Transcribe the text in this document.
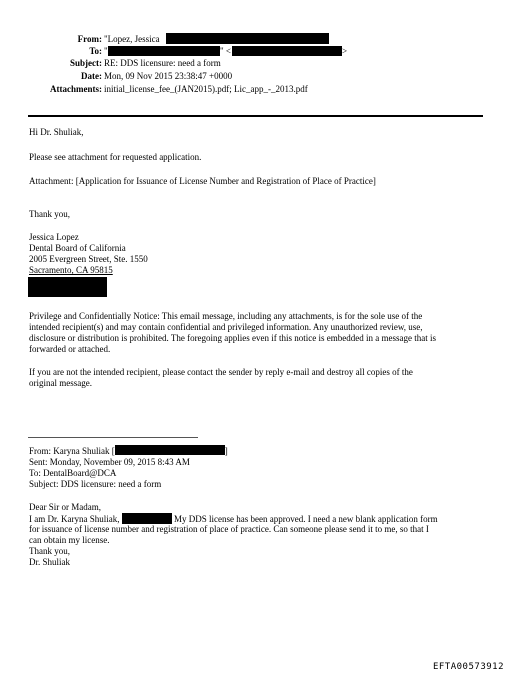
From: "Lopez, Jessica
To: "	" <	>
Subject: RE: DDS licensure: need a form
Date: Mon, 09 Nov 2015 23:38:47 +0000
Attachments: initial_license_fee_(JAN2015).pdf; Lic_app_-_2013.pdf
Hi Dr. Shuliak,
Please see attachment for requested application.
Attachment: [Application for Issuance of License Number and Registration of Place of Practice]
Thank you,
Jessica Lopez
Dental Board of California
2005 Evergreen Street, Ste. 1550
Sacramento, CA 95815
Privilege and Confidentially Notice: This email message, including any attachments, is for the sole use of the
intended recipient(s) and may contain confidential and privileged information. Any unauthorized review, use,
disclosure or distribution is prohibited. The foregoing applies even if this notice is embedded in a message that is
forwarded or attached.
If you are not the intended recipient, please contact the sender by reply e-mail and destroy all copies of the
original message.
From: Karyna Shuliak [	]
Sent: Monday, November 09, 2015 8:43 AM
To: DentalBoard@DCA
Subject: DDS licensure: need a form
Dear Sir or Madam,
I am Dr. Karyna Shuliak,	My DDS license has been approved. I need a new blank application form
for issuance of license number and registration of place of practice. Can someone please send it to me, so that I
can obtain my license.
Thank you,
Dr. Shuliak
EFTA00573912
